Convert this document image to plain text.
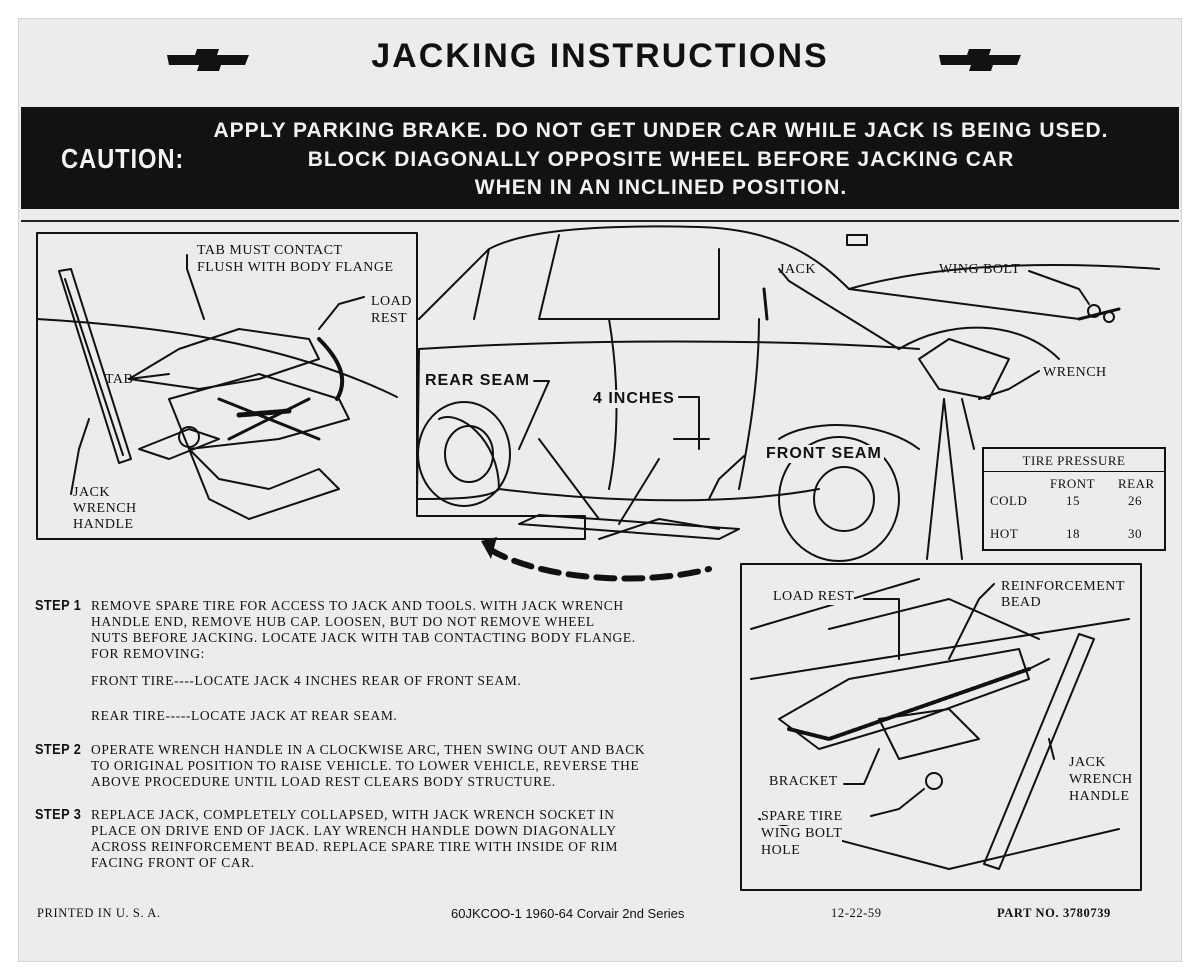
JACKING INSTRUCTIONS
CAUTION:
APPLY PARKING BRAKE. DO NOT GET UNDER CAR WHILE JACK IS BEING USED.
BLOCK DIAGONALLY OPPOSITE WHEEL BEFORE JACKING CAR
WHEN IN AN INCLINED POSITION.
TAB MUST CONTACT
FLUSH WITH BODY FLANGE
LOAD
REST
TAB
JACK
WRENCH
HANDLE
REAR SEAM
4 INCHES
FRONT SEAM
JACK	WING BOLT
WRENCH
TIRE PRESSURE
FRONT REAR
COLD	15	26
HOT	18	30
LOAD REST
REINFORCEMENT
BEAD
BRACKET
SPARE TIRE
WING BOLT
HOLE
JACK
WRENCH
HANDLE
STEP 1 REMOVE SPARE TIRE FOR ACCESS TO JACK AND TOOLS. WITH JACK WRENCH
HANDLE END, REMOVE HUB CAP. LOOSEN, BUT DO NOT REMOVE WHEEL
NUTS BEFORE JACKING. LOCATE JACK WITH TAB CONTACTING BODY FLANGE.
FOR REMOVING:
FRONT TIRE----LOCATE JACK 4 INCHES REAR OF FRONT SEAM.
REAR TIRE-----LOCATE JACK AT REAR SEAM.
STEP 2 OPERATE WRENCH HANDLE IN A CLOCKWISE ARC, THEN SWING OUT AND BACK
TO ORIGINAL POSITION TO RAISE VEHICLE. TO LOWER VEHICLE, REVERSE THE
ABOVE PROCEDURE UNTIL LOAD REST CLEARS BODY STRUCTURE.
STEP 3 REPLACE JACK, COMPLETELY COLLAPSED, WITH JACK WRENCH SOCKET IN
PLACE ON DRIVE END OF JACK. LAY WRENCH HANDLE DOWN DIAGONALLY
ACROSS REINFORCEMENT BEAD. REPLACE SPARE TIRE WITH INSIDE OF RIM
FACING FRONT OF CAR.
PRINTED IN U. S. A.	60JKCOO-1 1960-64 Corvair 2nd Series	12-22-59	PART NO. 3780739
